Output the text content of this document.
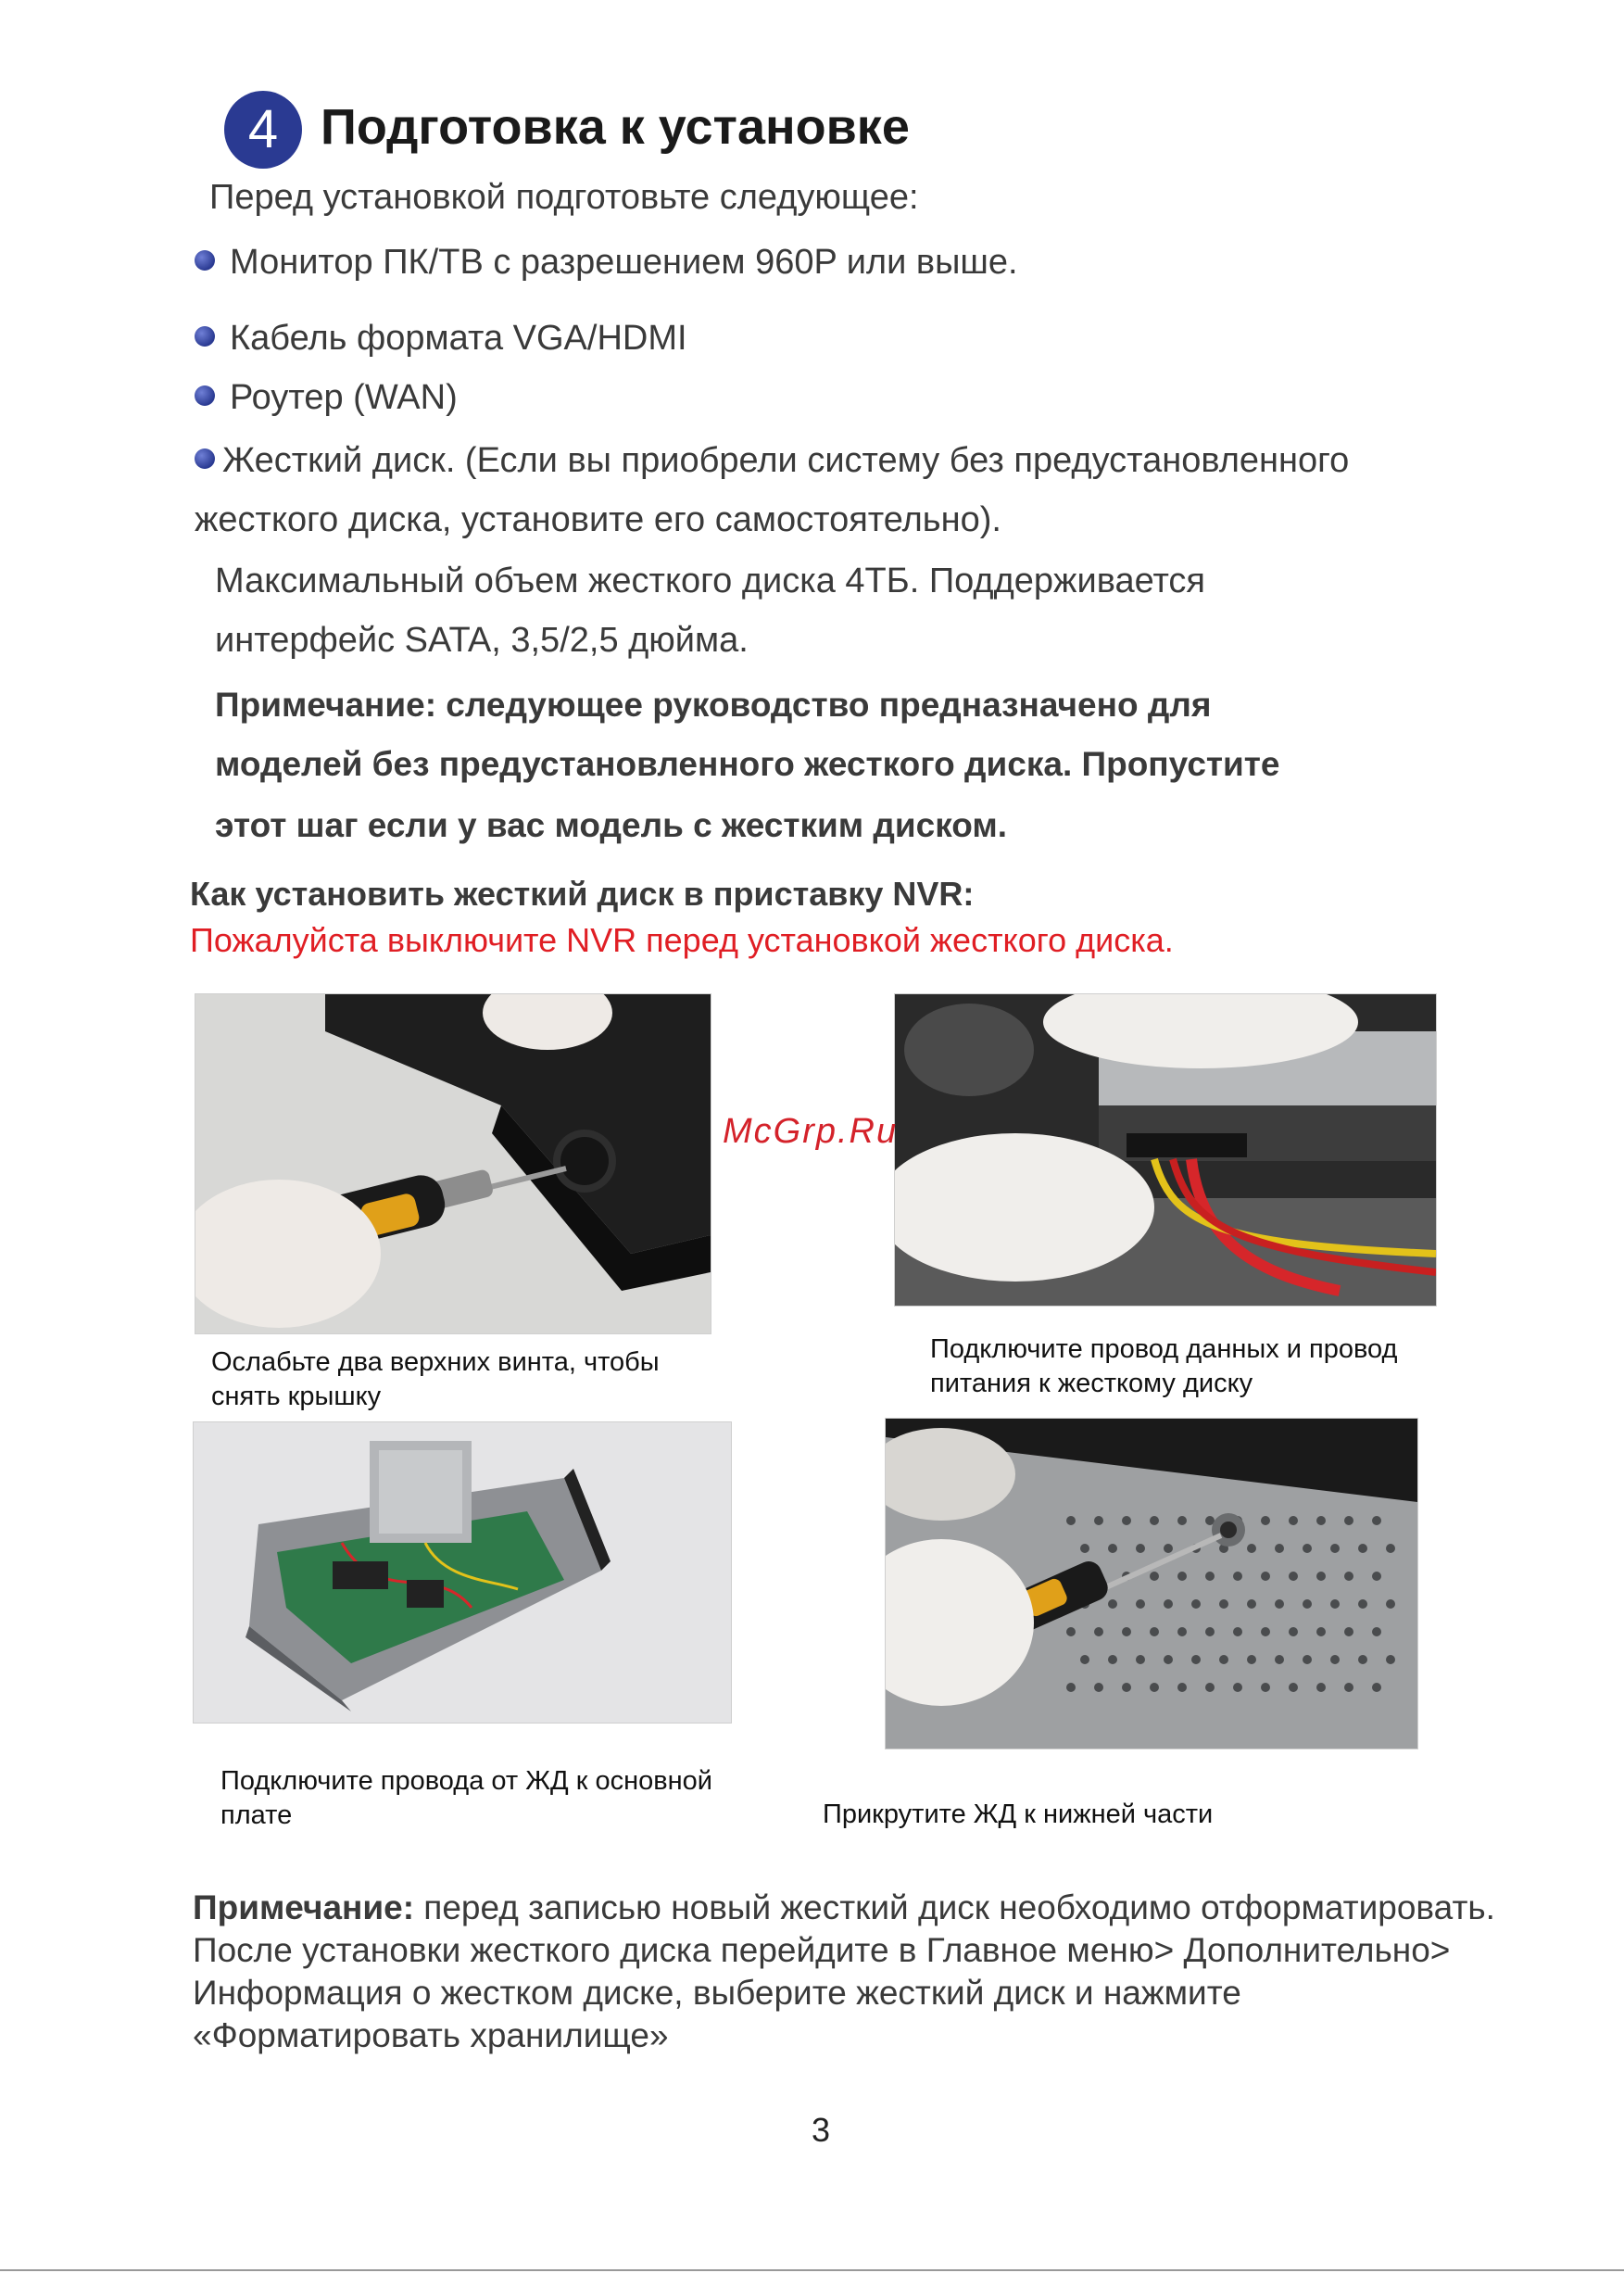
4 Подготовка к установке
Перед установкой подготовьте следующее:
Монитор ПК/ТВ с разрешением 960P или выше.
Кабель формата VGA/HDMI
Роутер (WAN)
Жесткий диск. (Если вы приобрели систему без предустановленного
жесткого диска, установите его самостоятельно).
Максимальный объем жесткого диска 4ТБ. Поддерживается
интерфейс SATA, 3,5/2,5 дюйма.
Примечание: следующее руководство предназначено для
моделей без предустановленного жесткого диска. Пропустите
этот шаг если у вас модель с жестким диском.
Как установить жесткий диск в приставку NVR:
Пожалуйста выключите NVR перед установкой жесткого диска.
Ослабьте два верхних винта, чтобы
снять крышку
Подключите провод данных и провод
питания к жесткому диску
Подключите провода от ЖД к основной
плате	Прикрутите ЖД к нижней части
McGrp.Ru
Примечание: перед записью новый жесткий диск необходимо отформатировать. После установки жесткого диска перейдите в Главное меню> Дополнительно> Информация о жестком диске, выберите жесткий диск и нажмите «Форматировать хранилище»
3
